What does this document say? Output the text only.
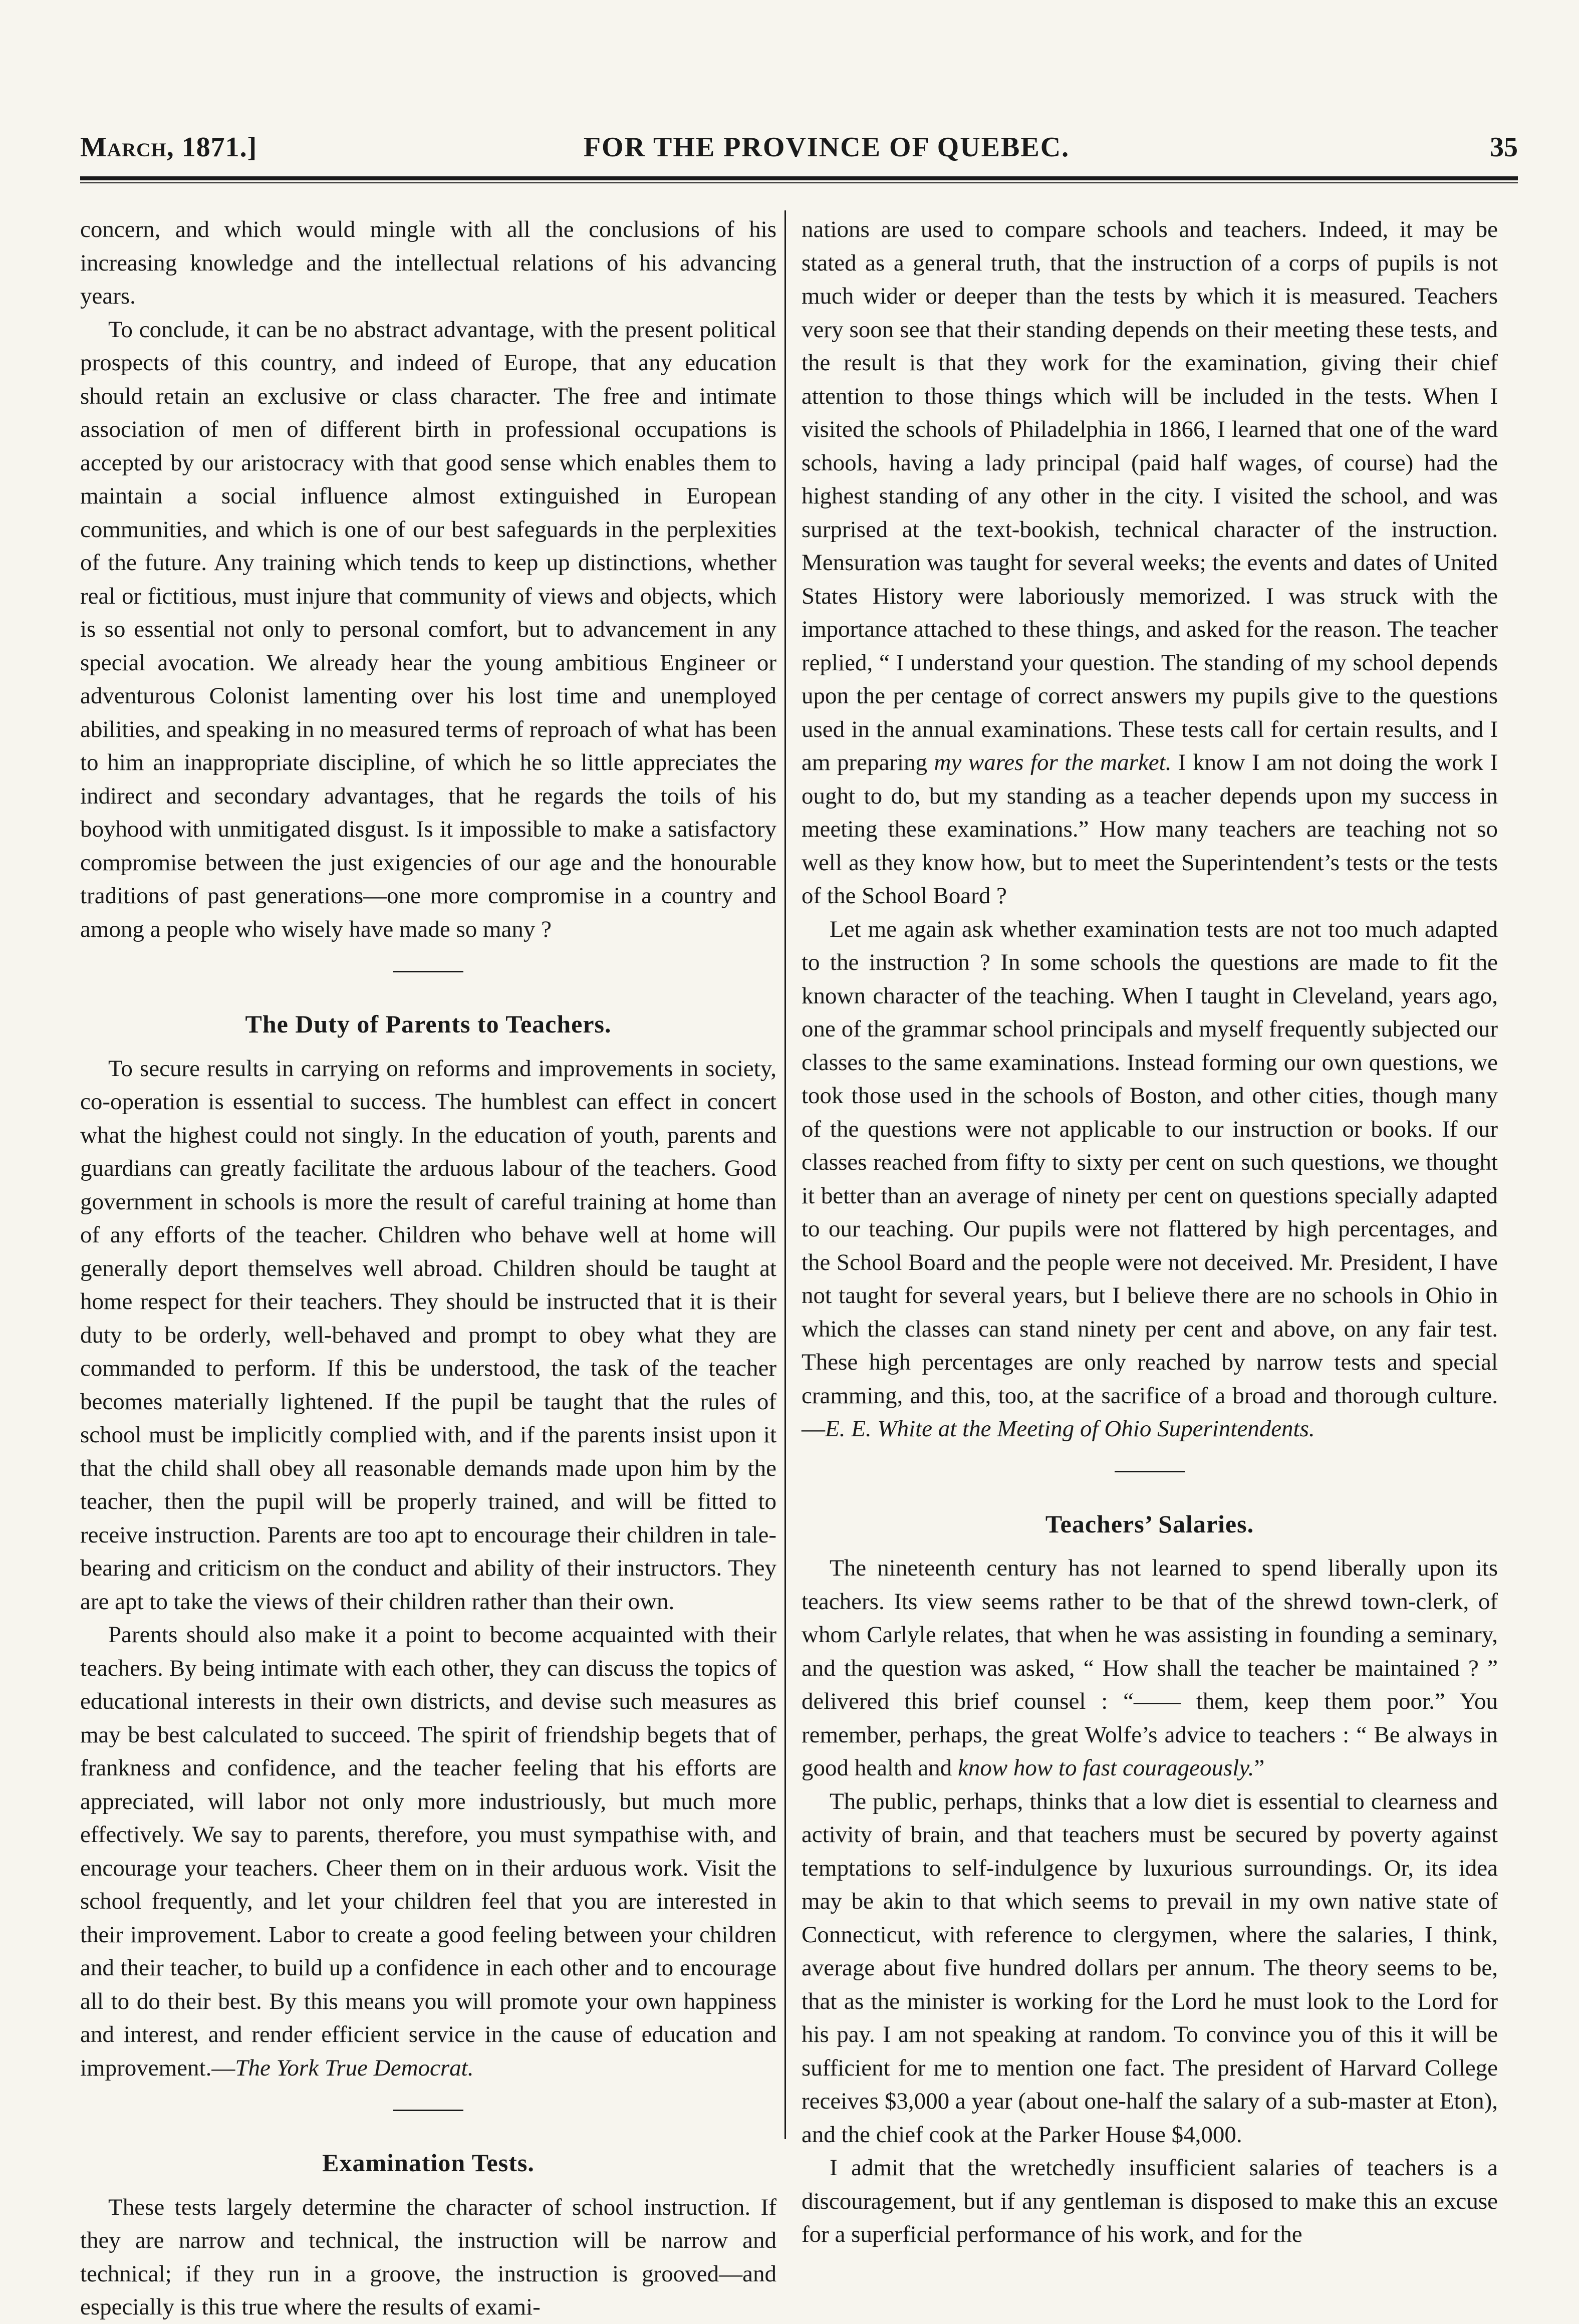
March, 1871.]	FOR THE PROVINCE OF QUEBEC.	35

concern, and which would mingle with all the conclusions of his increasing knowledge and the intellectual relations of his advancing years.

To conclude, it can be no abstract advantage, with the present political prospects of this country, and indeed of Europe, that any education should retain an exclusive or class character. The free and intimate association of men of different birth in professional occupations is accepted by our aristocracy with that good sense which enables them to maintain a social influence almost extinguished in European communities, and which is one of our best safeguards in the perplexities of the future. Any training which tends to keep up distinctions, whether real or fictitious, must injure that community of views and objects, which is so essential not only to personal comfort, but to advancement in any special avocation. We already hear the young ambitious Engineer or adventurous Colonist lamenting over his lost time and unemployed abilities, and speaking in no measured terms of reproach of what has been to him an inappropriate discipline, of which he so little appreciates the indirect and secondary advantages, that he regards the toils of his boyhood with unmitigated disgust. Is it impossible to make a satisfactory compromise between the just exigencies of our age and the honourable traditions of past generations—one more compromise in a country and among a people who wisely have made so many ?

The Duty of Parents to Teachers.

To secure results in carrying on reforms and improvements in society, co-operation is essential to success. The humblest can effect in concert what the highest could not singly. In the education of youth, parents and guardians can greatly facilitate the arduous labour of the teachers. Good government in schools is more the result of careful training at home than of any efforts of the teacher. Children who behave well at home will generally deport themselves well abroad. Children should be taught at home respect for their teachers. They should be instructed that it is their duty to be orderly, well-behaved and prompt to obey what they are commanded to perform. If this be understood, the task of the teacher becomes materially lightened. If the pupil be taught that the rules of school must be implicitly complied with, and if the parents insist upon it that the child shall obey all reasonable demands made upon him by the teacher, then the pupil will be properly trained, and will be fitted to receive instruction. Parents are too apt to encourage their children in tale-bearing and criticism on the conduct and ability of their instructors. They are apt to take the views of their children rather than their own.

Parents should also make it a point to become acquainted with their teachers. By being intimate with each other, they can discuss the topics of educational interests in their own districts, and devise such measures as may be best calculated to succeed. The spirit of friendship begets that of frankness and confidence, and the teacher feeling that his efforts are appreciated, will labor not only more industriously, but much more effectively. We say to parents, therefore, you must sympathise with, and encourage your teachers. Cheer them on in their arduous work. Visit the school frequently, and let your children feel that you are interested in their improvement. Labor to create a good feeling between your children and their teacher, to build up a confidence in each other and to encourage all to do their best. By this means you will promote your own happiness and interest, and render efficient service in the cause of education and improvement.—The York True Democrat.

Examination Tests.

These tests largely determine the character of school instruction. If they are narrow and technical, the instruction will be narrow and technical; if they run in a groove, the instruction is grooved—and especially is this true where the results of exami-

nations are used to compare schools and teachers. Indeed, it may be stated as a general truth, that the instruction of a corps of pupils is not much wider or deeper than the tests by which it is measured. Teachers very soon see that their standing depends on their meeting these tests, and the result is that they work for the examination, giving their chief attention to those things which will be included in the tests. When I visited the schools of Philadelphia in 1866, I learned that one of the ward schools, having a lady principal (paid half wages, of course) had the highest standing of any other in the city. I visited the school, and was surprised at the text-bookish, technical character of the instruction. Mensuration was taught for several weeks; the events and dates of United States History were laboriously memorized. I was struck with the importance attached to these things, and asked for the reason. The teacher replied, “ I understand your question. The standing of my school depends upon the per centage of correct answers my pupils give to the questions used in the annual examinations. These tests call for certain results, and I am preparing my wares for the market. I know I am not doing the work I ought to do, but my standing as a teacher depends upon my success in meeting these examinations.” How many teachers are teaching not so well as they know how, but to meet the Superintendent’s tests or the tests of the School Board ?

Let me again ask whether examination tests are not too much adapted to the instruction ? In some schools the questions are made to fit the known character of the teaching. When I taught in Cleveland, years ago, one of the grammar school principals and myself frequently subjected our classes to the same examinations. Instead forming our own questions, we took those used in the schools of Boston, and other cities, though many of the questions were not applicable to our instruction or books. If our classes reached from fifty to sixty per cent on such questions, we thought it better than an average of ninety per cent on questions specially adapted to our teaching. Our pupils were not flattered by high percentages, and the School Board and the people were not deceived. Mr. President, I have not taught for several years, but I believe there are no schools in Ohio in which the classes can stand ninety per cent and above, on any fair test. These high percentages are only reached by narrow tests and special cramming, and this, too, at the sacrifice of a broad and thorough culture.—E. E. White at the Meeting of Ohio Superintendents.

Teachers’ Salaries.

The nineteenth century has not learned to spend liberally upon its teachers. Its view seems rather to be that of the shrewd town-clerk, of whom Carlyle relates, that when he was assisting in founding a seminary, and the question was asked, “ How shall the teacher be maintained ? ” delivered this brief counsel : “—— them, keep them poor.” You remember, perhaps, the great Wolfe’s advice to teachers : “ Be always in good health and know how to fast courageously.”

The public, perhaps, thinks that a low diet is essential to clearness and activity of brain, and that teachers must be secured by poverty against temptations to self-indulgence by luxurious surroundings. Or, its idea may be akin to that which seems to prevail in my own native state of Connecticut, with reference to clergymen, where the salaries, I think, average about five hundred dollars per annum. The theory seems to be, that as the minister is working for the Lord he must look to the Lord for his pay. I am not speaking at random. To convince you of this it will be sufficient for me to mention one fact. The president of Harvard College receives $3,000 a year (about one-half the salary of a sub-master at Eton), and the chief cook at the Parker House $4,000.

I admit that the wretchedly insufficient salaries of teachers is a discouragement, but if any gentleman is disposed to make this an excuse for a superficial performance of his work, and for the
